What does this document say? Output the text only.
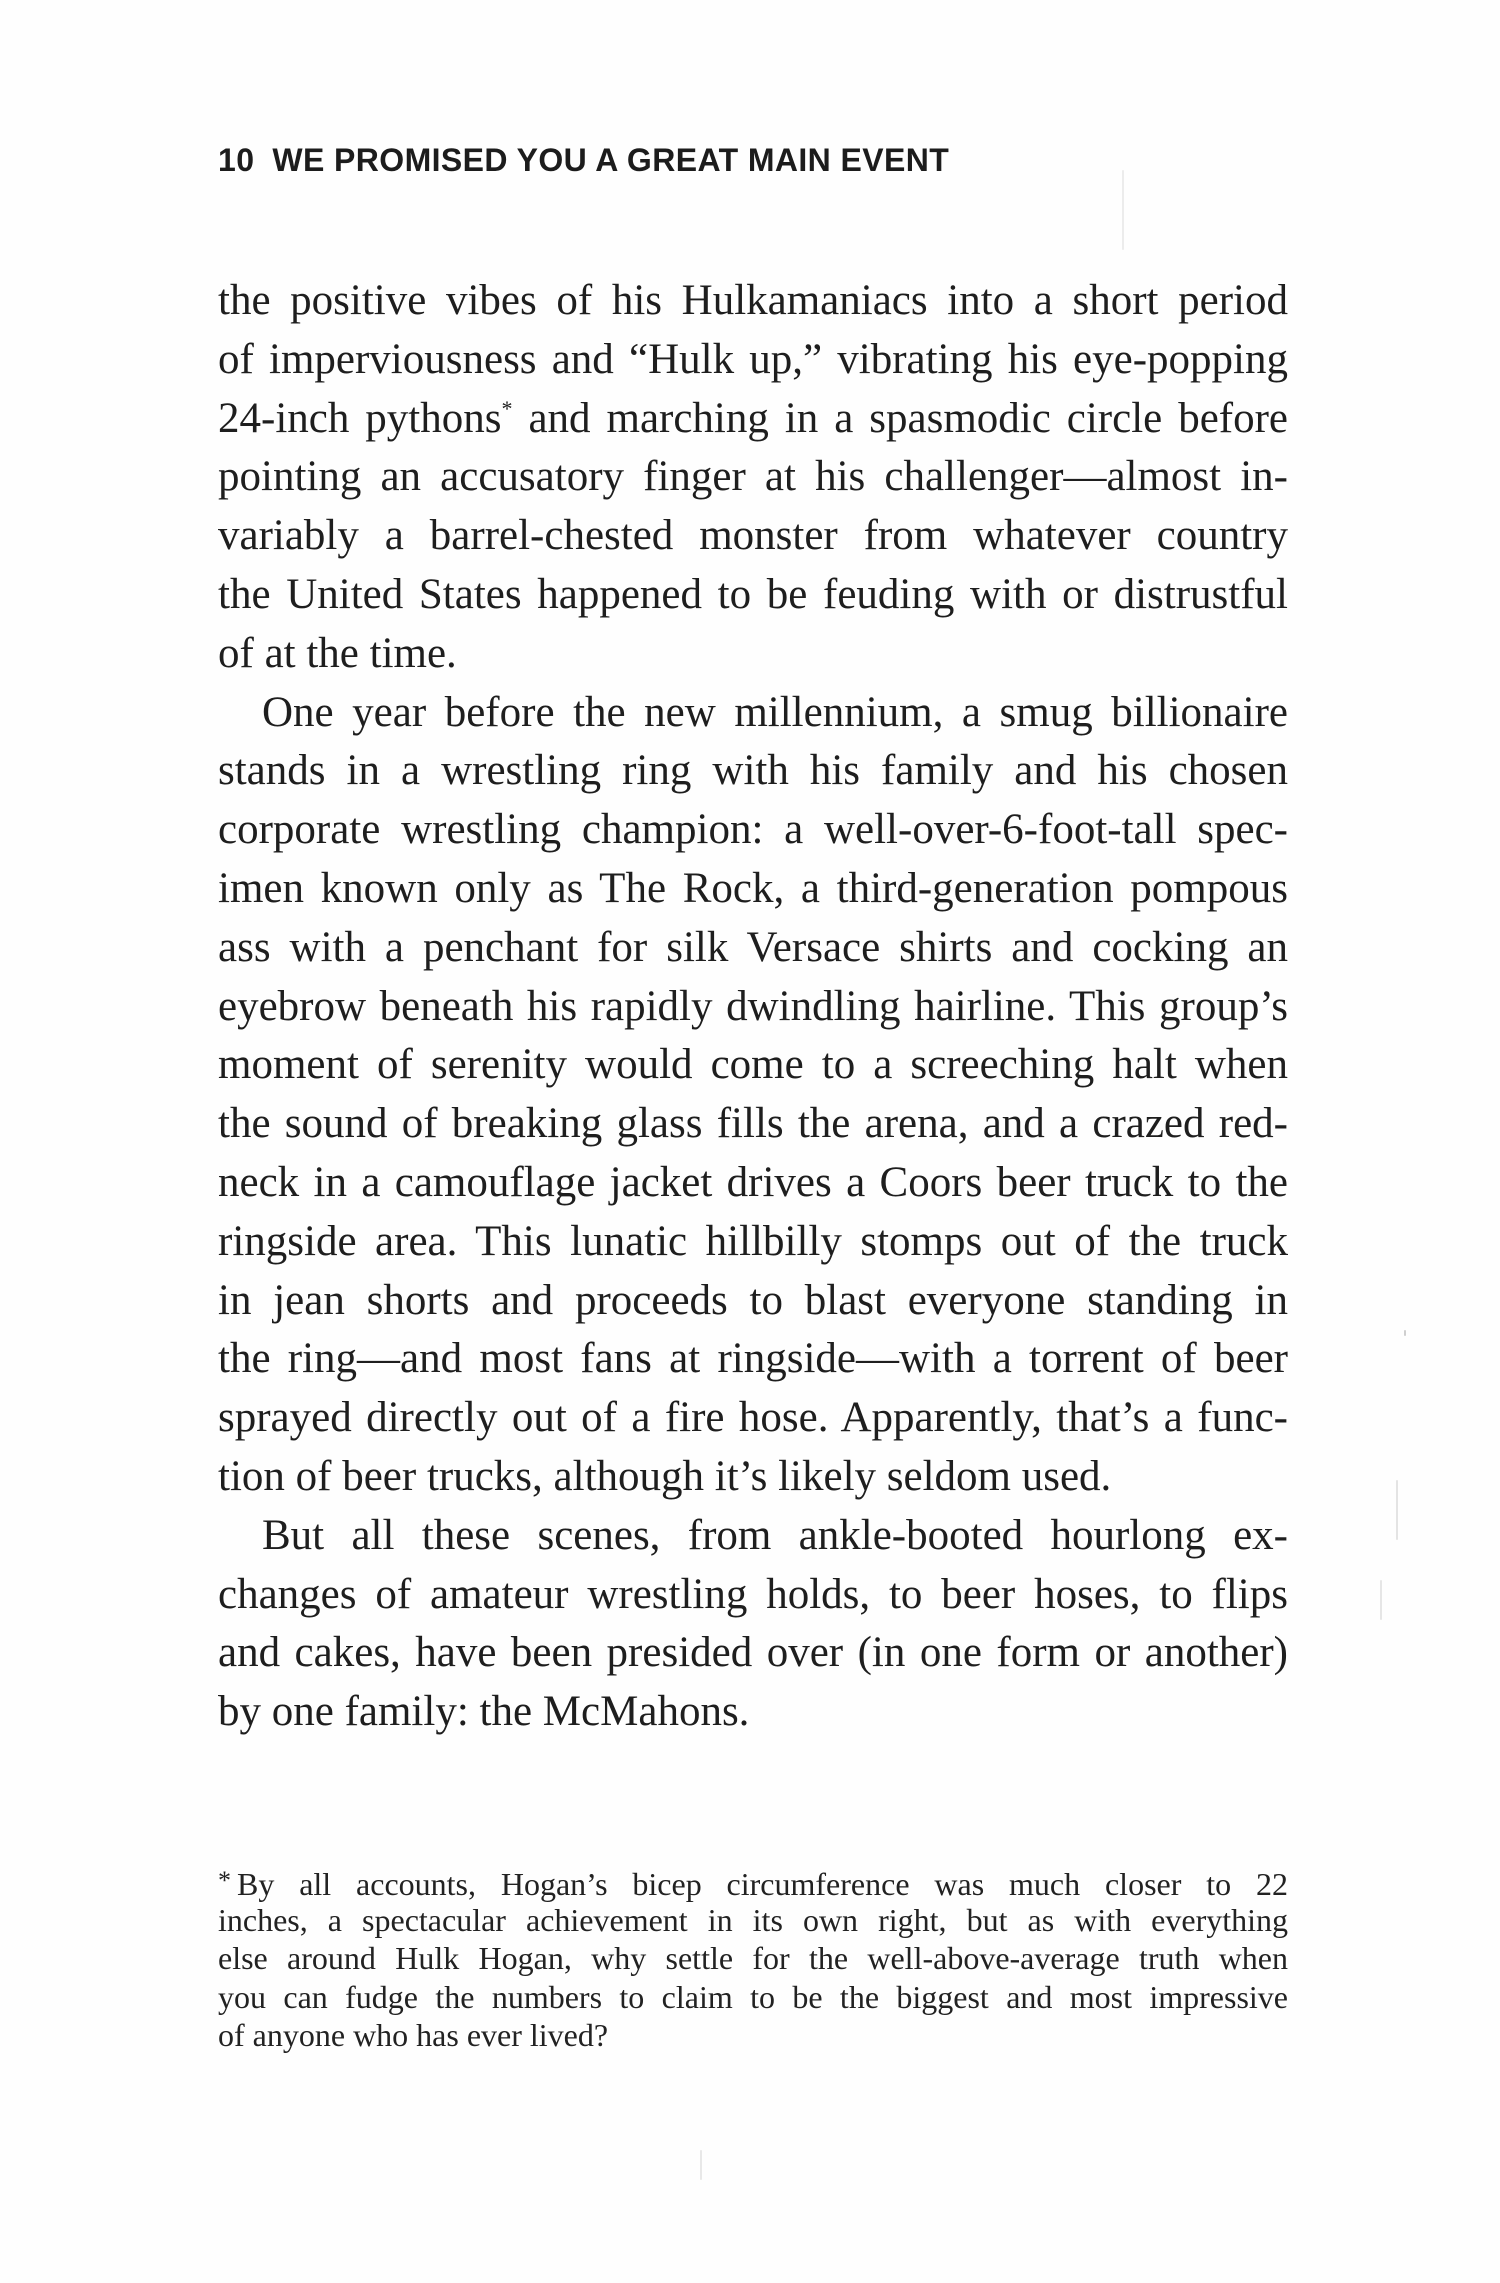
10 WE PROMISED YOU A GREAT MAIN EVENT
the positive vibes of his Hulkamaniacs into a short period
of imperviousness and “Hulk up,” vibrating his eye-popping
24-inch pythons* and marching in a spasmodic circle before
pointing an accusatory finger at his challenger—almost in-
variably a barrel-chested monster from whatever country
the United States happened to be feuding with or distrustful
of at the time.
One year before the new millennium, a smug billionaire
stands in a wrestling ring with his family and his chosen
corporate wrestling champion: a well-over-6-foot-tall spec-
imen known only as The Rock, a third-generation pompous
ass with a penchant for silk Versace shirts and cocking an
eyebrow beneath his rapidly dwindling hairline. This group’s
moment of serenity would come to a screeching halt when
the sound of breaking glass fills the arena, and a crazed red-
neck in a camouflage jacket drives a Coors beer truck to the
ringside area. This lunatic hillbilly stomps out of the truck
in jean shorts and proceeds to blast everyone standing in
the ring—and most fans at ringside—with a torrent of beer
sprayed directly out of a fire hose. Apparently, that’s a func-
tion of beer trucks, although it’s likely seldom used.
But all these scenes, from ankle-booted hourlong ex-
changes of amateur wrestling holds, to beer hoses, to flips
and cakes, have been presided over (in one form or another)
by one family: the McMahons.
* By all accounts, Hogan’s bicep circumference was much closer to 22
inches, a spectacular achievement in its own right, but as with everything
else around Hulk Hogan, why settle for the well-above-average truth when
you can fudge the numbers to claim to be the biggest and most impressive
of anyone who has ever lived?
